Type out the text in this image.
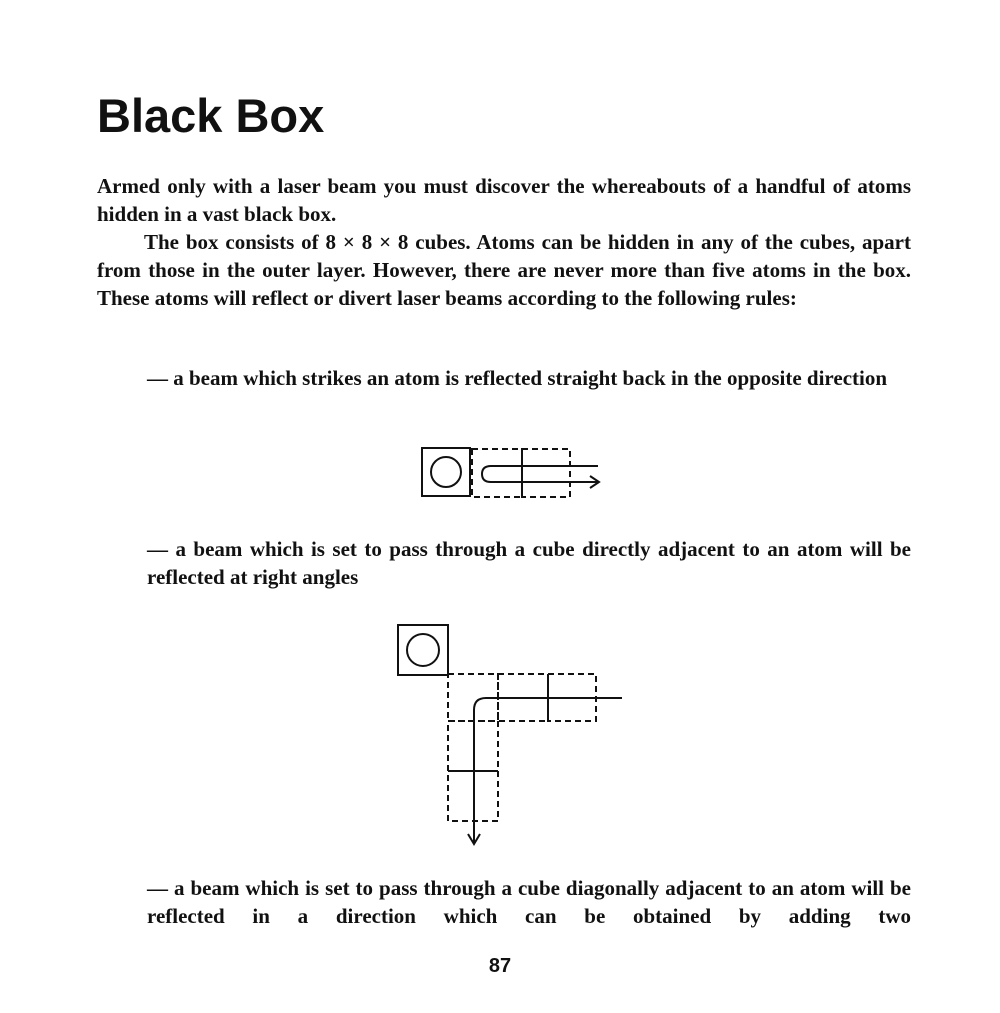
Black Box

Armed only with a laser beam you must discover the whereabouts of a handful of atoms hidden in a vast black box.

The box consists of 8 × 8 × 8 cubes. Atoms can be hidden in any of the cubes, apart from those in the outer layer. However, there are never more than five atoms in the box. These atoms will reflect or divert laser beams according to the following rules:

— a beam which strikes an atom is reflected straight back in the opposite direction

— a beam which is set to pass through a cube directly adjacent to an atom will be reflected at right angles

— a beam which is set to pass through a cube diagonally adjacent to an atom will be reflected in a direction which can be obtained by adding two

87
